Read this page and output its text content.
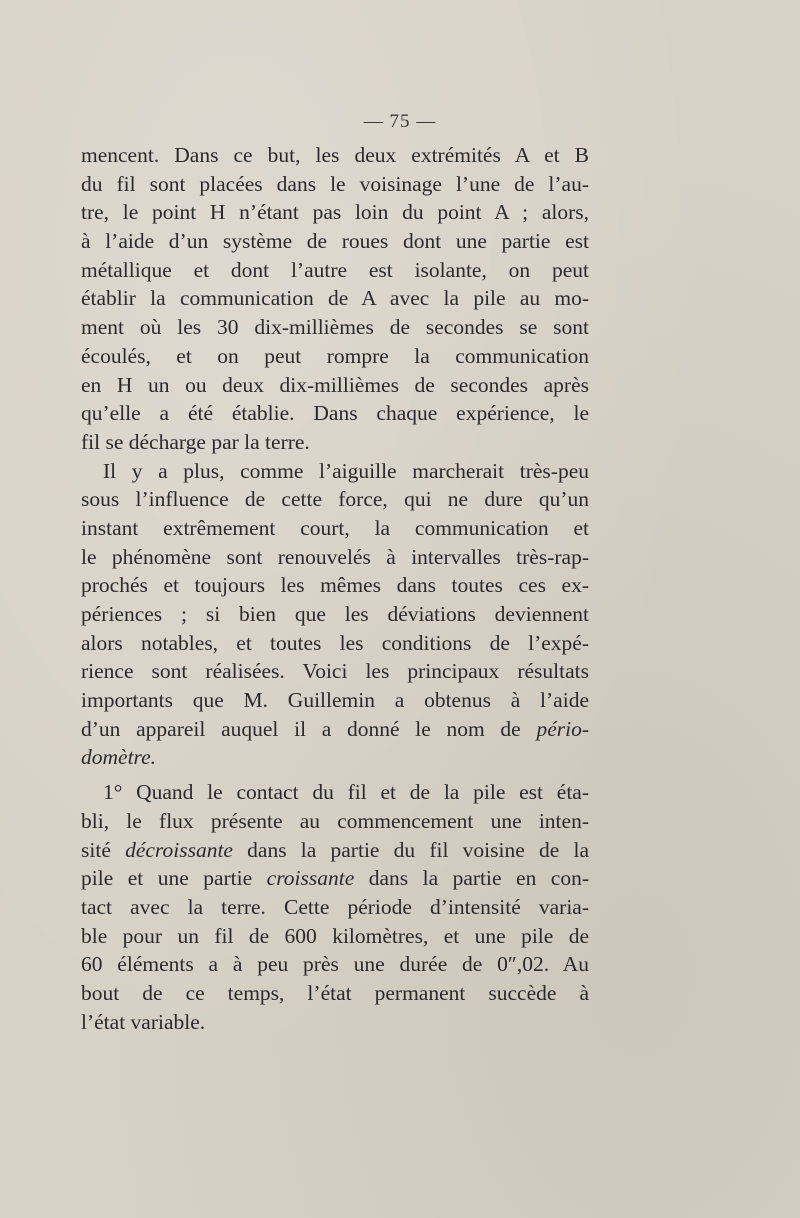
— 75 —
mencent. Dans ce but, les deux extrémités A et B
du fil sont placées dans le voisinage l’une de l’au-
tre, le point H n’étant pas loin du point A ; alors,
à l’aide d’un système de roues dont une partie est
métallique et dont l’autre est isolante, on peut
établir la communication de A avec la pile au mo-
ment où les 30 dix-millièmes de secondes se sont
écoulés, et on peut rompre la communication
en H un ou deux dix-millièmes de secondes après
qu’elle a été établie. Dans chaque expérience, le
fil se décharge par la terre.
Il y a plus, comme l’aiguille marcherait très-peu
sous l’influence de cette force, qui ne dure qu’un
instant extrêmement court, la communication et
le phénomène sont renouvelés à intervalles très-rap-
prochés et toujours les mêmes dans toutes ces ex-
périences ; si bien que les déviations deviennent
alors notables, et toutes les conditions de l’expé-
rience sont réalisées. Voici les principaux résultats
importants que M. Guillemin a obtenus à l’aide
d’un appareil auquel il a donné le nom de pério-
domètre.
1° Quand le contact du fil et de la pile est éta-
bli, le flux présente au commencement une inten-
sité décroissante dans la partie du fil voisine de la
pile et une partie croissante dans la partie en con-
tact avec la terre. Cette période d’intensité varia-
ble pour un fil de 600 kilomètres, et une pile de
60 éléments a à peu près une durée de 0″,02. Au
bout de ce temps, l’état permanent succède à
l’état variable.
